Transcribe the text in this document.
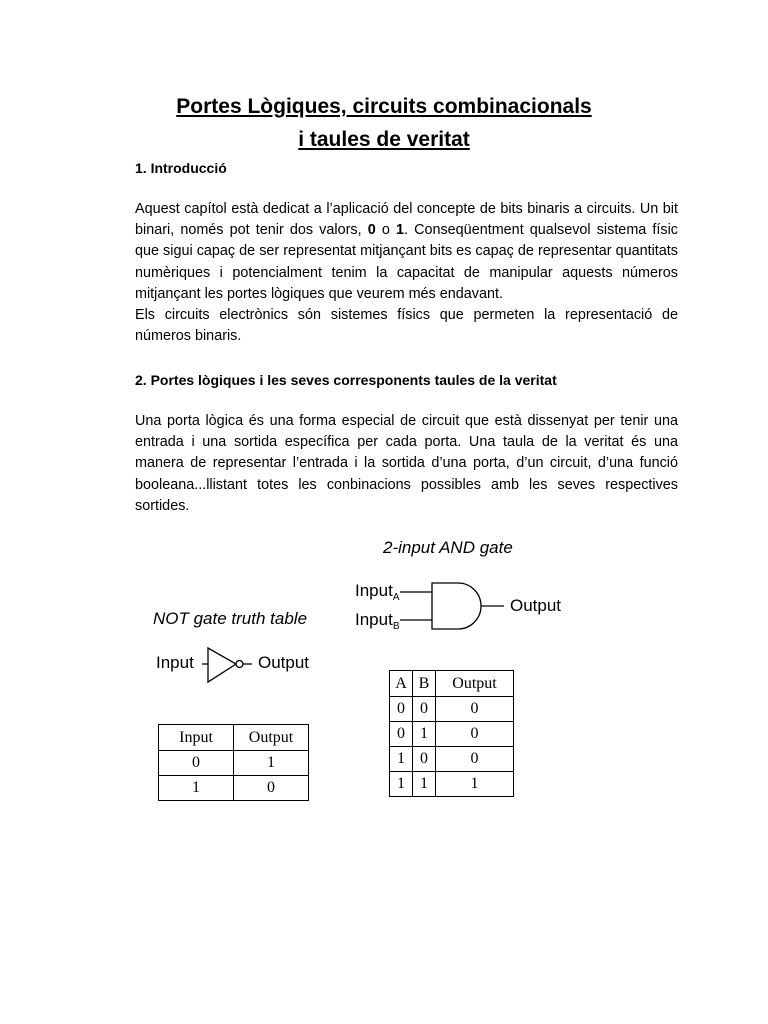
Portes Lògiques, circuits combinacionals
i taules de veritat
1. Introducció

Aquest capítol està dedicat a l’aplicació del concepte de bits binaris a circuits. Un bit binari, només pot tenir dos valors, 0 o 1. Conseqüentment qualsevol sistema físic que sigui capaç de ser representat mitjançant bits es capaç de representar quantitats numèriques i potencialment tenim la capacitat de manipular aquests números mitjançant les portes lògiques que veurem més endavant.

Els circuits electrònics són sistemes físics que permeten la representació de números binaris.

2. Portes lògiques i les seves corresponents taules de la veritat

Una porta lògica és una forma especial de circuit que està dissenyat per tenir una entrada i una sortida específica per cada porta. Una taula de la veritat és una manera de representar l’entrada i la sortida d’una porta, d’un circuit, d’una funció booleana...llistant totes les conbinacions possibles amb les seves respectives sortides.

2-input AND gate
Input$_A$
Input$_B$
Output
NOT gate truth table
Input	Output
A	B	Output
0	0	0
0	1	0
1	0	0
1	1	1
Input	Output
0	1
1	0
